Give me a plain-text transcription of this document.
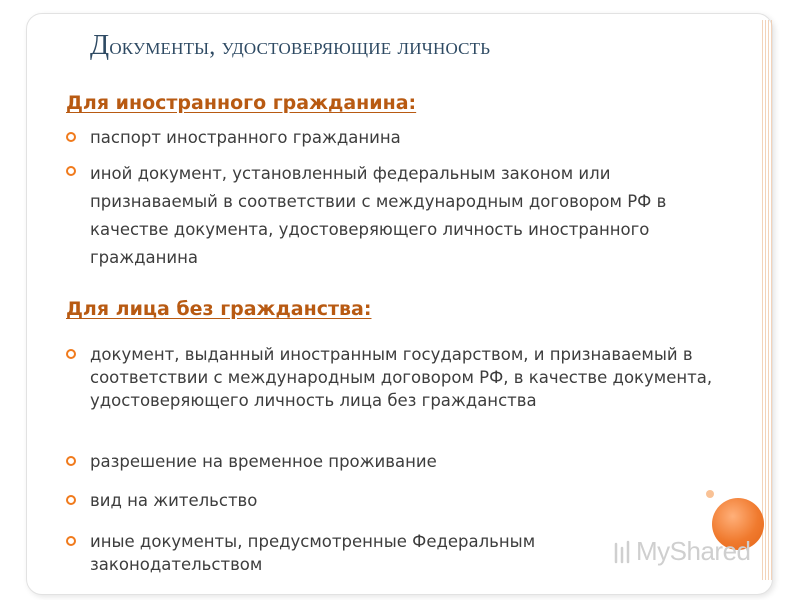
Документы, удостоверяющие личность
Для иностранного гражданина:
паспорт иностранного гражданина
иной документ, установленный федеральным законом или признаваемый в соответствии с международным договором РФ в качестве документа, удостоверяющего личность иностранного гражданина
Для лица без гражданства:
документ, выданный иностранным государством, и признаваемый в соответствии с международным договором РФ, в качестве документа, удостоверяющего личность лица без гражданства
разрешение на временное проживание
вид на жительство
иные документы, предусмотренные Федеральным законодательством	MyShared
